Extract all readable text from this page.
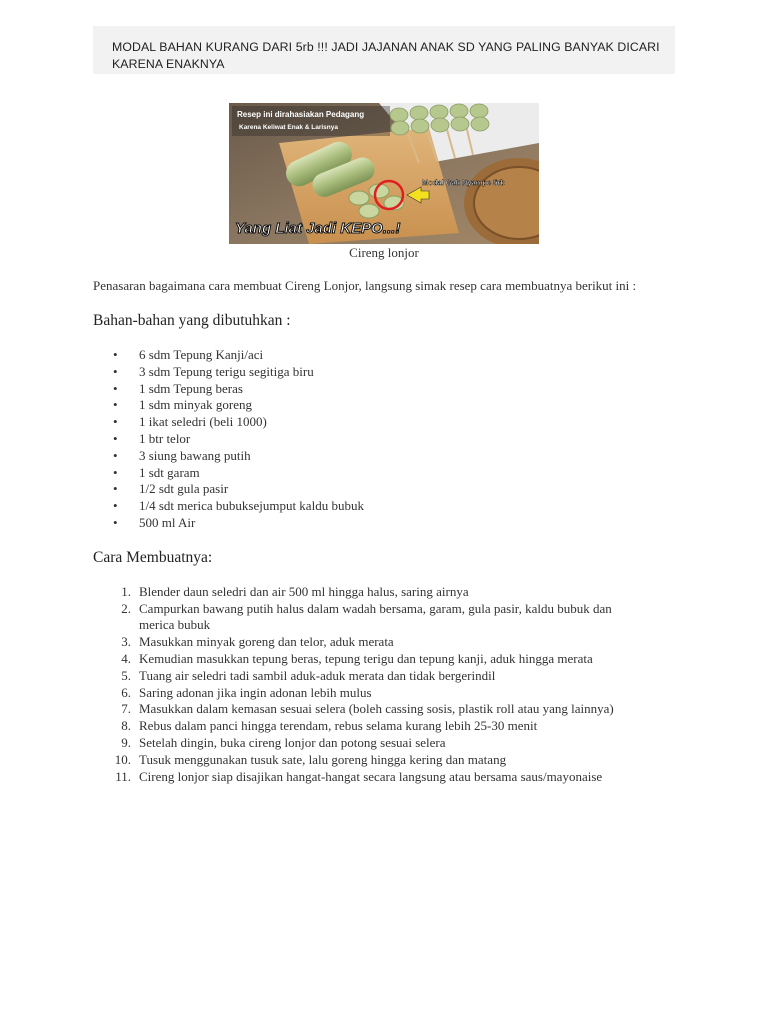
MODAL BAHAN KURANG DARI 5rb !!! JADI JAJANAN ANAK SD YANG PALING BANYAK DICARI KARENA ENAKNYA
Resep ini dirahasiakan Pedagang
Karena Keliwat Enak & Larisnya
Modal Gak Nyampe 5rb
Yang Liat Jadi KEPO...!
Cireng lonjor
Penasaran bagaimana cara membuat Cireng Lonjor, langsung simak resep cara membuatnya berikut ini :
Bahan-bahan yang dibutuhkan :
• 6 sdm Tepung Kanji/aci
• 3 sdm Tepung terigu segitiga biru
• 1 sdm Tepung beras
• 1 sdm minyak goreng
• 1 ikat seledri (beli 1000)
• 1 btr telor
• 3 siung bawang putih
• 1 sdt garam
• 1/2 sdt gula pasir
• 1/4 sdt merica bubuksejumput kaldu bubuk
• 500 ml Air
Cara Membuatnya:
1. Blender daun seledri dan air 500 ml hingga halus, saring airnya
2. Campurkan bawang putih halus dalam wadah bersama, garam, gula pasir, kaldu bubuk dan merica bubuk
3. Masukkan minyak goreng dan telor, aduk merata
4. Kemudian masukkan tepung beras, tepung terigu dan tepung kanji, aduk hingga merata
5. Tuang air seledri tadi sambil aduk-aduk merata dan tidak bergerindil
6. Saring adonan jika ingin adonan lebih mulus
7. Masukkan dalam kemasan sesuai selera (boleh cassing sosis, plastik roll atau yang lainnya)
8. Rebus dalam panci hingga terendam, rebus selama kurang lebih 25-30 menit
9. Setelah dingin, buka cireng lonjor dan potong sesuai selera
10. Tusuk menggunakan tusuk sate, lalu goreng hingga kering dan matang
11. Cireng lonjor siap disajikan hangat-hangat secara langsung atau bersama saus/mayonaise
